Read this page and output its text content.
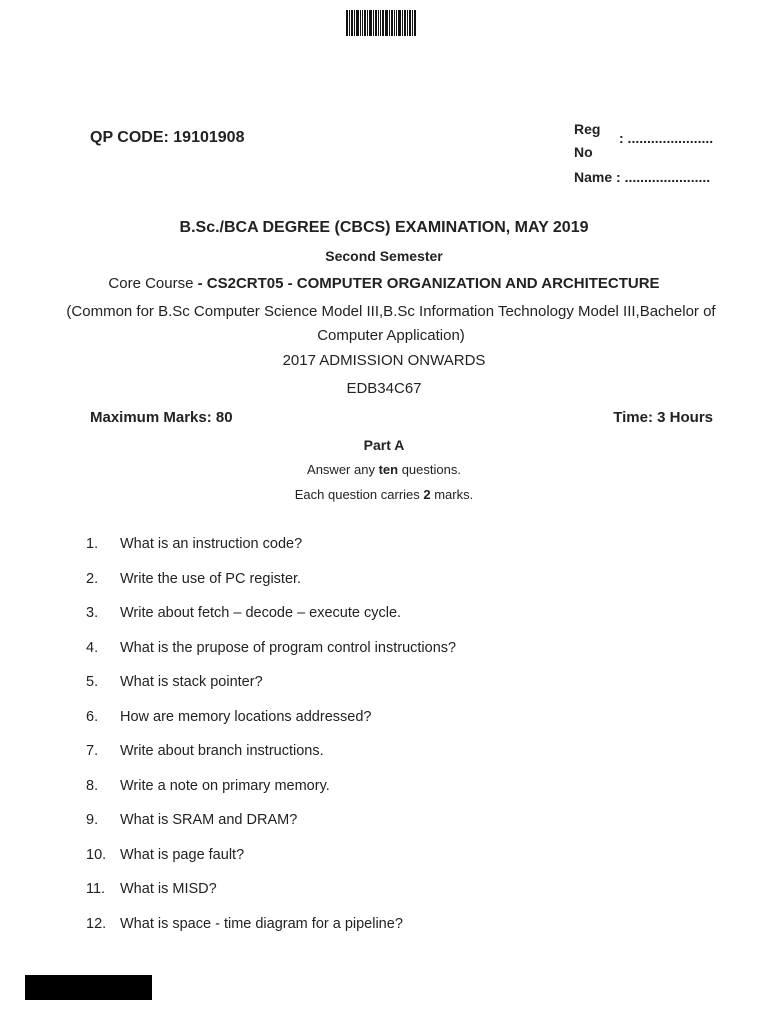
QP CODE: 19101908	Reg No
: ......................
Name : ......................
B.Sc./BCA DEGREE (CBCS) EXAMINATION, MAY 2019
Second Semester
Core Course - CS2CRT05 - COMPUTER ORGANIZATION AND ARCHITECTURE
(Common for B.Sc Computer Science Model III,B.Sc Information Technology Model III,Bachelor of Computer Application)
2017 ADMISSION ONWARDS
EDB34C67
Maximum Marks: 80	Time: 3 Hours
Part A
Answer any ten questions.
Each question carries 2 marks.
1.	What is an instruction code?
2.	Write the use of PC register.
3.	Write about fetch – decode – execute cycle.
4.	What is the prupose of program control instructions?
5.	What is stack pointer?
6.	How are memory locations addressed?
7.	Write about branch instructions.
8.	Write a note on primary memory.
9.	What is SRAM and DRAM?
10. What is page fault?
11.	What is MISD?
12. What is space - time diagram for a pipeline?
